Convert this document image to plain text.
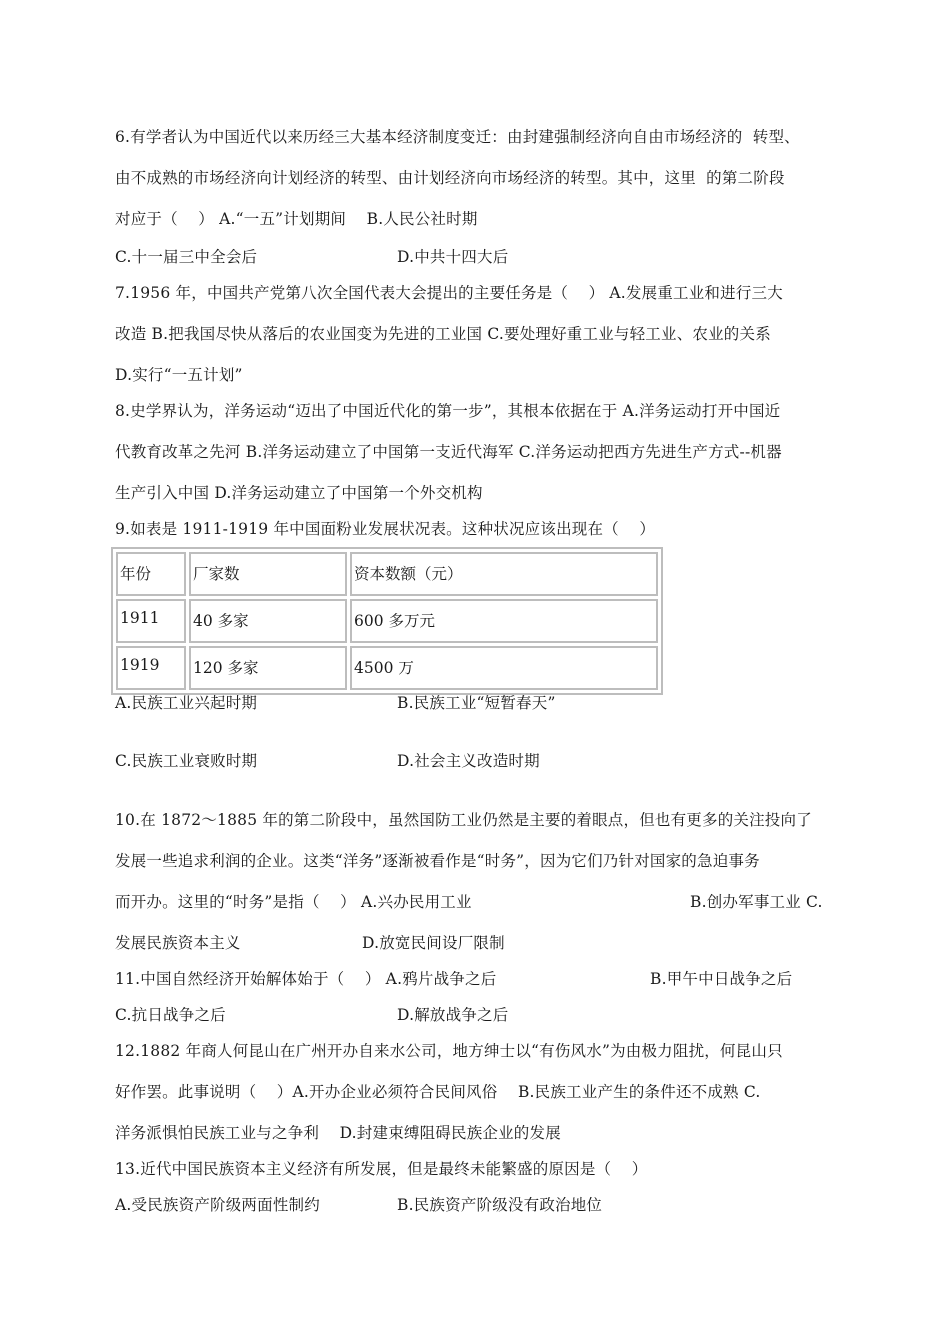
6.有学者认为中国近代以来历经三大基本经济制度变迁：由封建强制经济向自由市场经济的  转型、
由不成熟的市场经济向计划经济的转型、由计划经济向市场经济的转型。其中，这里  的第二阶段
对应于（    ） A.“一五”计划期间    B.人民公社时期
C.十一届三中全会后	D.中共十四大后
7.1956 年，中国共产党第八次全国代表大会提出的主要任务是（    ） A.发展重工业和进行三大
改造 B.把我国尽快从落后的农业国变为先进的工业国 C.要处理好重工业与轻工业、农业的关系
D.实行“一五计划”
8.史学界认为，洋务运动“迈出了中国近代化的第一步”，其根本依据在于 A.洋务运动打开中国近
代教育改革之先河 B.洋务运动建立了中国第一支近代海军 C.洋务运动把西方先进生产方式--机器
生产引入中国 D.洋务运动建立了中国第一个外交机构
9.如表是 1911-1919 年中国面粉业发展状况表。这种状况应该出现在（    ）
年份	厂家数	资本数额（元）
1911	40 多家	600 多万元
1919	120 多家	4500 万
A.民族工业兴起时期	B.民族工业“短暂春天”
C.民族工业衰败时期	D.社会主义改造时期
10.在 1872～1885 年的第二阶段中，虽然国防工业仍然是主要的着眼点，但也有更多的关注投向了
发展一些追求利润的企业。这类“洋务”逐渐被看作是“时务”，因为它们乃针对国家的急迫事务
而开办。这里的“时务”是指（    ） A.兴办民用工业	B.创办军事工业 C.
发展民族资本主义	D.放宽民间设厂限制
11.中国自然经济开始解体始于（    ） A.鸦片战争之后	B.甲午中日战争之后
C.抗日战争之后	D.解放战争之后
12.1882 年商人何昆山在广州开办自来水公司，地方绅士以“有伤风水”为由极力阻扰，何昆山只
好作罢。此事说明（    ）A.开办企业必须符合民间风俗    B.民族工业产生的条件还不成熟 C.
洋务派惧怕民族工业与之争利    D.封建束缚阻碍民族企业的发展
13.近代中国民族资本主义经济有所发展，但是最终未能繁盛的原因是（    ）
A.受民族资产阶级两面性制约	B.民族资产阶级没有政治地位
